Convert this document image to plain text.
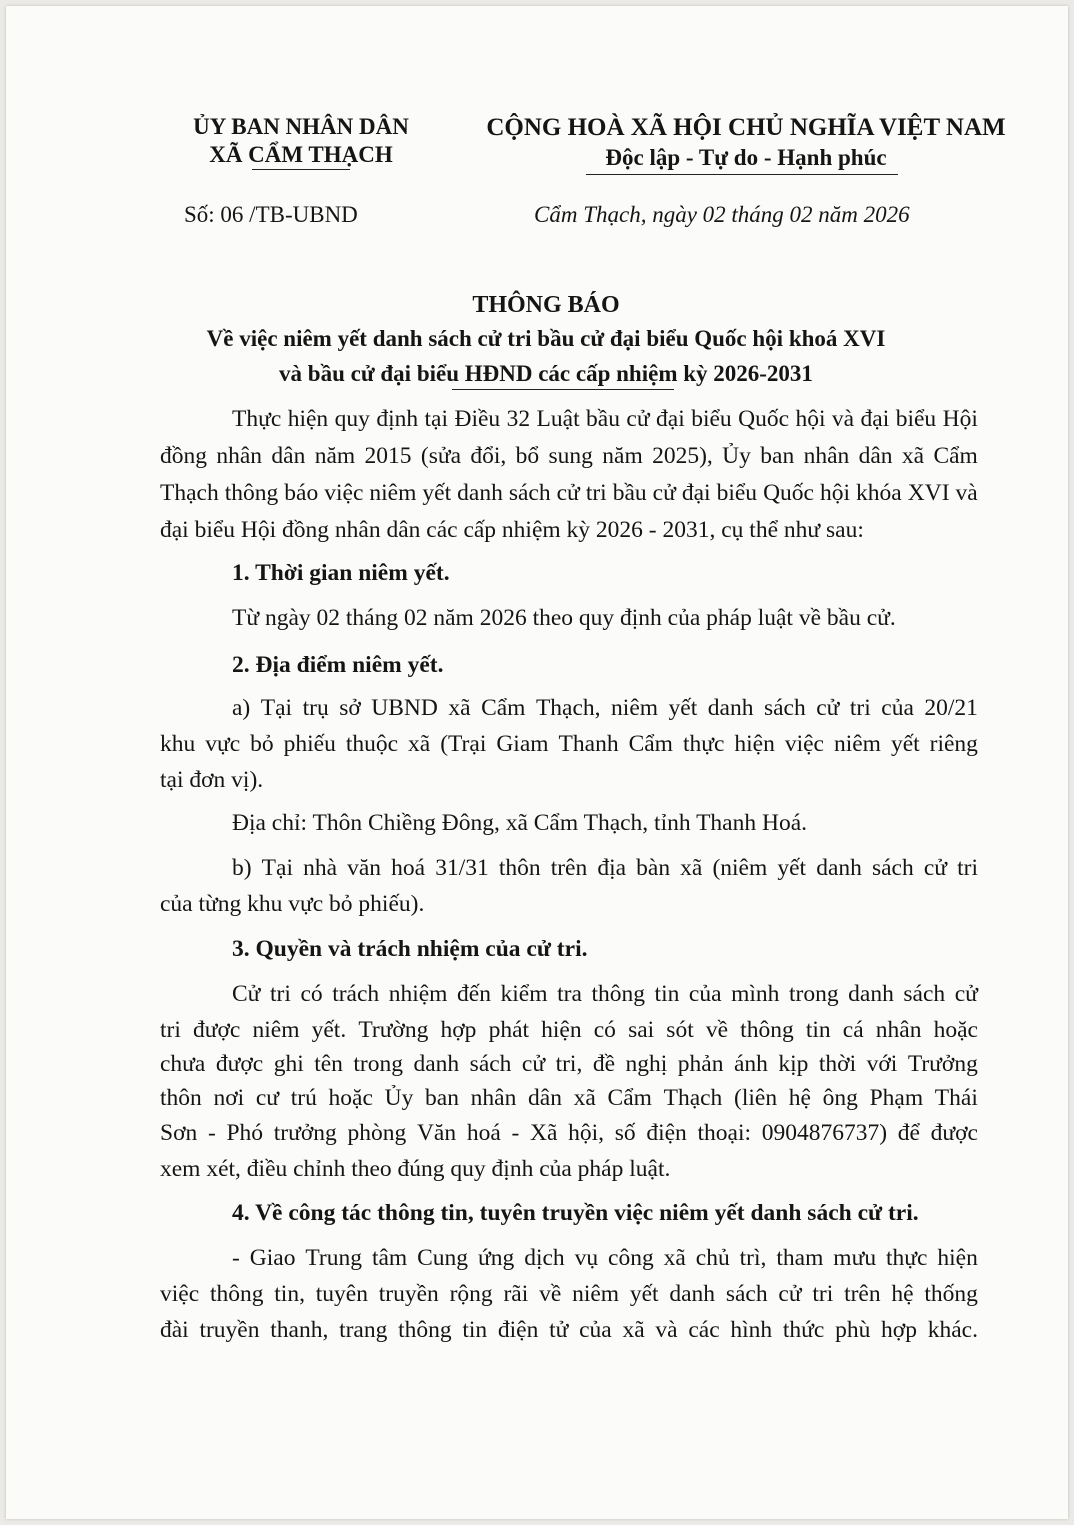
ỦY BAN NHÂN DÂN
XÃ CẨM THẠCH
CỘNG HOÀ XÃ HỘI CHỦ NGHĨA VIỆT NAM
Độc lập - Tự do - Hạnh phúc
Số: 06 /TB-UBND	Cẩm Thạch, ngày 02 tháng 02 năm 2026
THÔNG BÁO
Về việc niêm yết danh sách cử tri bầu cử đại biểu Quốc hội khoá XVI
và bầu cử đại biểu HĐND các cấp nhiệm kỳ 2026-2031
Thực hiện quy định tại Điều 32 Luật bầu cử đại biểu Quốc hội và đại biểu Hội
đồng nhân dân năm 2015 (sửa đổi, bổ sung năm 2025), Ủy ban nhân dân xã Cẩm
Thạch thông báo việc niêm yết danh sách cử tri bầu cử đại biểu Quốc hội khóa XVI và
đại biểu Hội đồng nhân dân các cấp nhiệm kỳ 2026 - 2031, cụ thể như sau:
1. Thời gian niêm yết.
Từ ngày 02 tháng 02 năm 2026 theo quy định của pháp luật về bầu cử.
2. Địa điểm niêm yết.
a) Tại trụ sở UBND xã Cẩm Thạch, niêm yết danh sách cử tri của 20/21
khu vực bỏ phiếu thuộc xã (Trại Giam Thanh Cẩm thực hiện việc niêm yết riêng
tại đơn vị).
Địa chỉ: Thôn Chiềng Đông, xã Cẩm Thạch, tỉnh Thanh Hoá.
b) Tại nhà văn hoá 31/31 thôn trên địa bàn xã (niêm yết danh sách cử tri
của từng khu vực bỏ phiếu).
3. Quyền và trách nhiệm của cử tri.
Cử tri có trách nhiệm đến kiểm tra thông tin của mình trong danh sách cử
tri được niêm yết. Trường hợp phát hiện có sai sót về thông tin cá nhân hoặc
chưa được ghi tên trong danh sách cử tri, đề nghị phản ánh kịp thời với Trưởng
thôn nơi cư trú hoặc Ủy ban nhân dân xã Cẩm Thạch (liên hệ ông Phạm Thái
Sơn - Phó trưởng phòng Văn hoá - Xã hội, số điện thoại: 0904876737) để được
xem xét, điều chỉnh theo đúng quy định của pháp luật.
4. Về công tác thông tin, tuyên truyền việc niêm yết danh sách cử tri.
- Giao Trung tâm Cung ứng dịch vụ công xã chủ trì, tham mưu thực hiện
việc thông tin, tuyên truyền rộng rãi về niêm yết danh sách cử tri trên hệ thống
đài truyền thanh, trang thông tin điện tử của xã và các hình thức phù hợp khác.
